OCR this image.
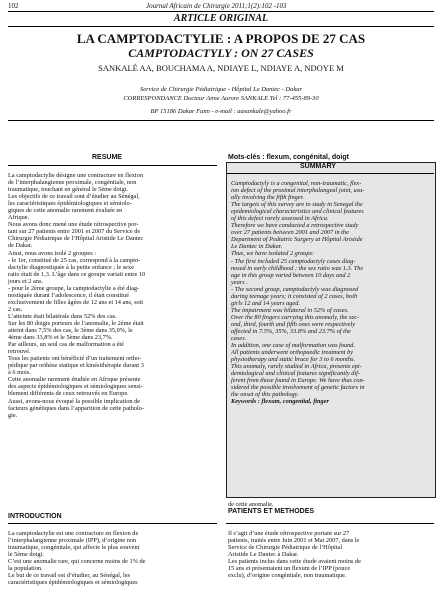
102	Journal Africain de Chirurgie 2011;1(2):102 -103
ARTICLE ORIGINAL
LA CAMPTODACTYLIE : A PROPOS DE 27 CAS
CAMPTODACTYLY : ON 27 CASES
SANKALÉ AA, BOUCHAMA A, NDIAYE L, NDIAYE A, NDOYE M
Service de Chirurgie Pédiatrique - Hôpital Le Dantec - Dakar
CORRESPONDANCE Docteur Anne Aurore SANKALE Tel : 77-455-89-30
BP 15186 Dakar Fann - e-mail : aasankale@yahoo.fr
RESUME

La camptodactylie désigne une contracture en flexion

de l’interphalangienne proximale, congénitale, non

traumatique, touchant en général le 5ème doigt.

Les objectifs de ce travail sont d’étudier au Sénégal,

les caractéristiques épidémiologiques et sémiolo-

giques de cette anomalie rarement évaluée en

Afrique.

Nous avons donc mené une étude rétrospective por-

tant sur 27 patients entre 2001 et 2007 du Service de

Chirurgie Pédiatrique de l’Hôpital Aristide Le Dantec

de Dakar.

Ainsi, nous avons isolé 2 groupes :

- le 1er, constitué de 25 cas, correspond à la campto-

dactylie diagnostiquée à la petite enfance ; le sexe

ratio était de 1,3. L’âge dans ce groupe variait entre 10

jours et 2 ans.

- pour le 2ème groupe, la camptodactylie a été diag-

nostiquée durant l’adolescence, il était constitué

exclusivement de filles âgées de 12 ans et 14 ans, soit

2 cas.

L’atteinte était bilatérale dans 52% des cas.

Sur les 80 doigts porteurs de l’anomalie, le 2ème était

atteint dans 7,5% des cas, le 3ème dans 35,0%, le

4ème dans 33,8% et le 5ème dans 23,7%.

Par ailleurs, un seul cas de malformation a été

retrouvé.

Tous les patients ont bénéficié d’un traitement ortho-

pédique par orthèse statique et kinésithérapie durant 3

à 6 mois.

Cette anomalie rarement étudiée en Afrique présente

des aspects épidémiologiques et sémiologiques sensi-

blement différents de ceux retrouvés en Europe.

Aussi, avons-nous évoqué la possible implication de

facteurs génétiques dans l’apparition de cette patholo-

gie.

Mots-clés : flexum, congénital, doigt
SUMMARY

Camptodactyly is a congenital, non-traumatic, flex-

ion defect of the proximal interphalangeal joint, usu-

ally involving the fifth finger.

The targets of this survey are to study in Senegal the

epidemiological characteristics and clinical features

of this defect rarely assessed in Africa.

Therefore we have conducted a retrospective study

over 27 patients between 2001 and 2007 in the

Department of Pediatric Surgery at Hôpital Aristide

Le Dantec in Dakar.

Thus, we have isolated 2 groups:

- The first included 25 camptodactyly cases diag-

nosed in early childhood ; the sex ratio was 1.3. The

age in this group varied between 10 days and 2

years .

- The second group, camptodactyly was diagnosed

during teenage years; it consisted of 2 cases, both

girls 12 and 14 years aged.

The impairment was bilateral in 52% of cases.

Over the 80 fingers carrying this anomaly, the sec-

ond, third, fourth and fifth ones were respectively

affected in 7.5%, 35%, 33.8% and 23.7% of the

cases.

In addition, one case of malformation was found.

All patients underwent orthopaedic treatment by

physiotherapy and static brace for 3 to 6 months.

This anomaly, rarely studied in Africa, presents epi-

demiological and clinical features significantly dif-

ferent from those found in Europe. We have thus con-

sidered the possible involvement of genetic factors in

the onset of this pathology.

Keywords : flexum, congenital, finger

INTRODUCTION

La camptodactylie est une contracture en flexion de

l’interphalangienne proximale (IPP), d’origine non

traumatique, congénitale, qui affecte le plus souvent

le 5ème doigt.

C’est une anomalie rare, qui concerne moins de 1% de

la population.

Le but de ce travail est d’étudier, au Sénégal, les

caractéristiques épidémiologiques et sémiologiques

de cette anomalie.
PATIENTS ET METHODES

Il s’agit d’une étude rétrospective portant sur 27

patients, traités entre Juin 2001 et Mai 2007, dans le

Service de Chirurgie Pédiatrique de l’Hôpital

Aristide Le Dantec à Dakar.

Les patients inclus dans cette étude avaient moins de

15 ans et présentaient un flexum de l’IPP (pouce

exclu), d’origine congénitale, non traumatique.
